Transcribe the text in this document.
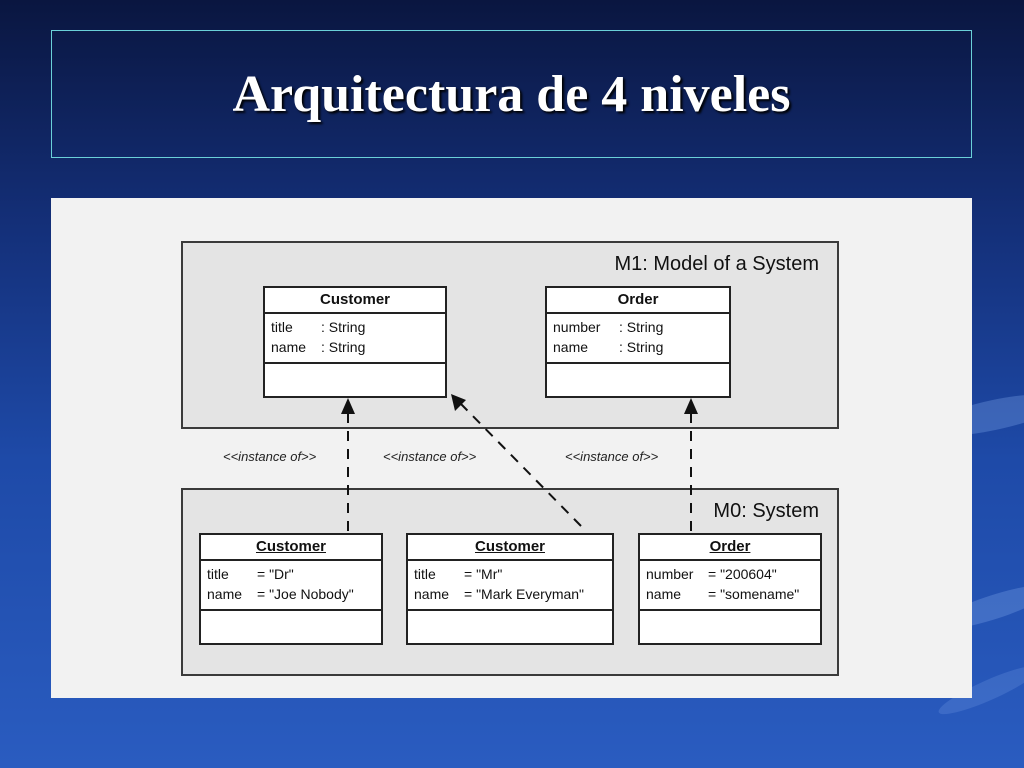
Arquitectura de 4 niveles
M1: Model of a System
M0: System
Customer
title	: String
name	: String
Order
number	: String
name	: String
Customer
title	= "Dr"
name	= "Joe Nobody"
Customer
title	= "Mr"
name	= "Mark Everyman"
Order
number	= "200604"
name	= "somename"
<<instance of>>	<<instance of>>	<<instance of>>
